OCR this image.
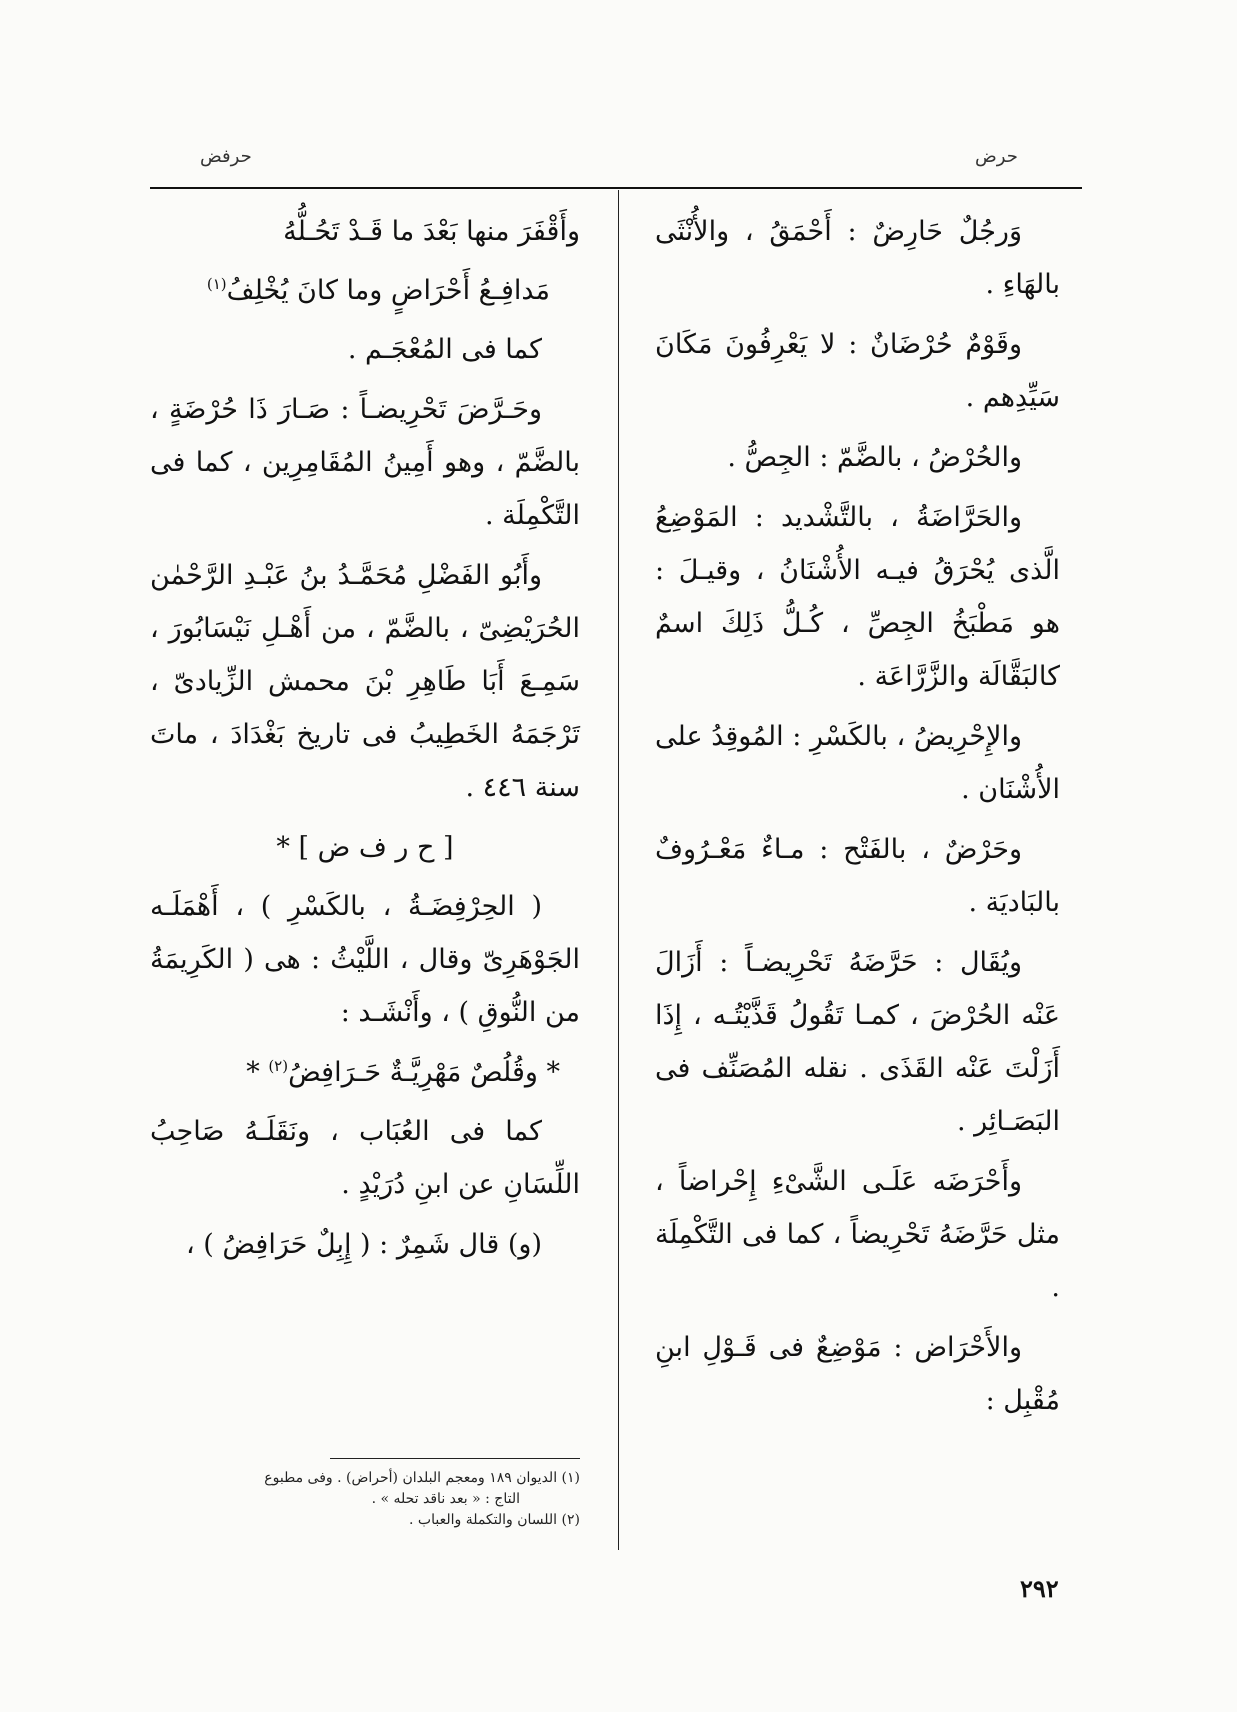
حرض
حرفض

وَرجُلٌ حَارِضٌ : أَحْمَقُ ، والأُنْثَى بالهَاءِ .

وقَوْمٌ حُرْضَانٌ : لا يَعْرِفُونَ مَكَانَ سَيِّدِهم .

والحُرْضُ ، بالضَّمّ : الجِصُّ .

والحَرَّاضَةُ ، بالتَّشْديد : المَوْضِعُ الَّذى يُحْرَقُ فيـه الأُشْنَانُ ، وقيـلَ : هو مَطْبَخُ الجِصِّ ، كُـلُّ ذَلِكَ اسمٌ كالبَقَّالَة والزَّرَّاعَة .

والإِحْرِيضُ ، بالكَسْرِ : المُوقِدُ على الأُشْنَان .

وحَرْضٌ ، بالفَتْح : مـاءٌ مَعْـرُوفٌ بالبَاديَة .

ويُقَال : حَرَّضَهُ تَحْرِيضـاً : أَزَالَ عَنْه الحُرْضَ ، كمـا تَقُولُ قَذَّيْتُـه ، إِذَا أَزَلْتَ عَنْه القَذَى . نقله المُصَنِّف فى البَصَـائِر .

وأَحْرَضَه عَلَـى الشَّىْءِ إِحْراضاً ، مثل حَرَّضَهُ تَحْرِيضاً ، كما فى التَّكْمِلَة .

والأَحْرَاض : مَوْضِعٌ فى قَـوْلِ ابنِ مُقْبِل :

وأَقْفَرَ منها بَعْدَ ما قَـدْ تَحُـلُّهُ

مَدافِـعُ أَحْرَاضٍ وما كانَ يُخْلِفُ$^{(١)}$

كما فى المُعْجَـم .

وحَـرَّضَ تَحْرِيضـاً : صَـارَ ذَا حُرْضَةٍ ، بالضَّمّ ، وهو أَمِينُ المُقَامِرِين ، كما فى التَّكْمِلَة .

وأَبُو الفَضْلِ مُحَمَّـدُ بنُ عَبْـدِ الرَّحْمٰن الحُرَيْضِىّ ، بالضَّمّ ، من أَهْـلِ نَيْسَابُورَ ، سَمِـعَ أَبَا طَاهِرِ بْنَ محمش الزِّيادىّ ، تَرْجَمَهُ الخَطِيبُ فى تاريخ بَغْدَادَ ، ماتَ سنة ٤٤٦ .

[ ح ر ف ض ] *

( الحِرْفِضَـةُ ، بالكَسْرِ ) ، أَهْمَلَـه الجَوْهَرِىّ وقال ، اللَّيْثُ : هى ( الكَرِيمَةُ من النُّوقِ ) ، وأَنْشَـد :

* وقُلُصٌ مَهْرِيَّـةٌ حَـرَافِضُ$^{(٢)}$ *

كما فى العُبَاب ، ونَقَلَـهُ صَاحِبُ اللِّسَانِ عن ابنِ دُرَيْدٍ .

(و) قال شَمِرٌ : ( إِبِلٌ حَرَافِضُ ) ،

(١) الديوان ١٨٩ ومعجم البلدان (أحراض) . وفى مطبوع

التاج : « بعد ناقد تحله » .

(٢) اللسان والتكملة والعباب .

٢٩٢
